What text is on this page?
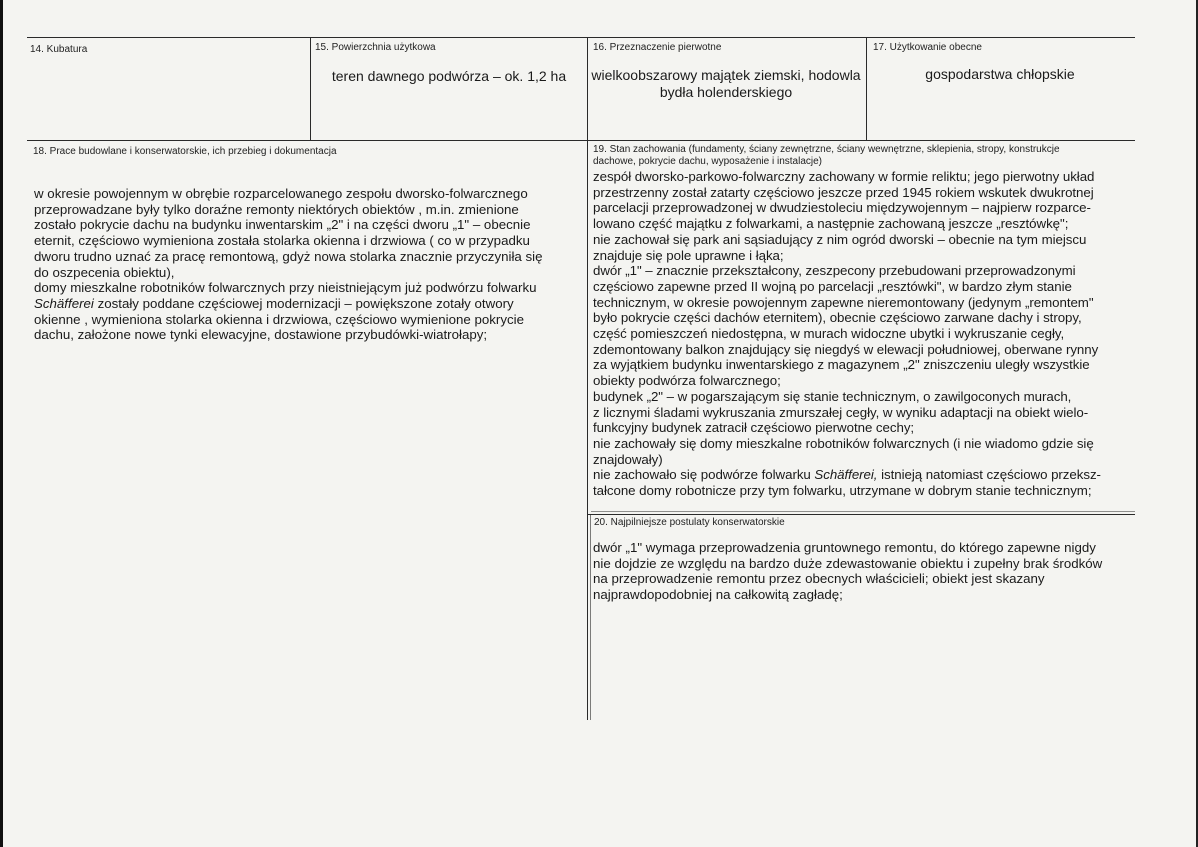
14. Kubatura	15. Powierzchnia użytkowa

teren dawnego podwórza – ok. 1,2 ha

16. Przeznaczenie pierwotne

wielkoobszarowy majątek ziemski, hodowla bydła holenderskiego

17. Użytkowanie obecne

gospodarstwa chłopskie

18. Prace budowlane i konserwatorskie, ich przebieg i dokumentacja

w okresie powojennym w obrębie rozparcelowanego zespołu dworsko-folwarcznego
przeprowadzane były tylko doraźne remonty niektórych obiektów , m.in. zmienione
zostało pokrycie dachu na budynku inwentarskim „2" i na części dworu „1" – obecnie
eternit, częściowo wymieniona została stolarka okienna i drzwiowa ( co w przypadku
dworu trudno uznać za pracę remontową, gdyż nowa stolarka znacznie przyczyniła się
do oszpecenia obiektu),
domy mieszkalne robotników folwarcznych przy nieistniejącym już podwórzu folwarku
Schäfferei zostały poddane częściowej modernizacji – powiększone zotały otwory
okienne , wymieniona stolarka okienna i drzwiowa, częściowo wymienione pokrycie
dachu, założone nowe tynki elewacyjne, dostawione przybudówki-wiatrołapy;

19. Stan zachowania (fundamenty, ściany zewnętrzne, ściany wewnętrzne, sklepienia, stropy, konstrukcje
dachowe, pokrycie dachu, wyposażenie i instalacje)

zespół dworsko-parkowo-folwarczny zachowany w formie reliktu; jego pierwotny układ
przestrzenny został zatarty częściowo jeszcze przed 1945 rokiem wskutek dwukrotnej
parcelacji przeprowadzonej w dwudziestoleciu międzywojennym – najpierw rozparce-
lowano część majątku z folwarkami, a następnie zachowaną jeszcze „resztówkę";
nie zachował się park ani sąsiadujący z nim ogród dworski – obecnie na tym miejscu
znajduje się pole uprawne i łąka;
dwór „1" – znacznie przekształcony, zeszpecony przebudowani przeprowadzonymi
częściowo zapewne przed II wojną po parcelacji „resztówki", w bardzo złym stanie
technicznym, w okresie powojennym zapewne nieremontowany (jedynym „remontem"
było pokrycie części dachów eternitem), obecnie częściowo zarwane dachy i stropy,
część pomieszczeń niedostępna, w murach widoczne ubytki i wykruszanie cegły,
zdemontowany balkon znajdujący się niegdyś w elewacji południowej, oberwane rynny
za wyjątkiem budynku inwentarskiego z magazynem „2" zniszczeniu uległy wszystkie
obiekty podwórza folwarcznego;
budynek „2" – w pogarszającym się stanie technicznym, o zawilgoconych murach,
z licznymi śladami wykruszania zmurszałej cegły, w wyniku adaptacji na obiekt wielo-
funkcyjny budynek zatracił częściowo pierwotne cechy;
nie zachowały się domy mieszkalne robotników folwarcznych (i nie wiadomo gdzie się
znajdowały)
nie zachowało się podwórze folwarku Schäfferei, istnieją natomiast częściowo przeksz-
tałcone domy robotnicze przy tym folwarku, utrzymane w dobrym stanie technicznym;

20. Najpilniejsze postulaty konserwatorskie

dwór „1" wymaga przeprowadzenia gruntownego remontu, do którego zapewne nigdy
nie dojdzie ze względu na bardzo duże zdewastowanie obiektu i zupełny brak środków
na przeprowadzenie remontu przez obecnych właścicieli; obiekt jest skazany
najprawdopodobniej na całkowitą zagładę;
